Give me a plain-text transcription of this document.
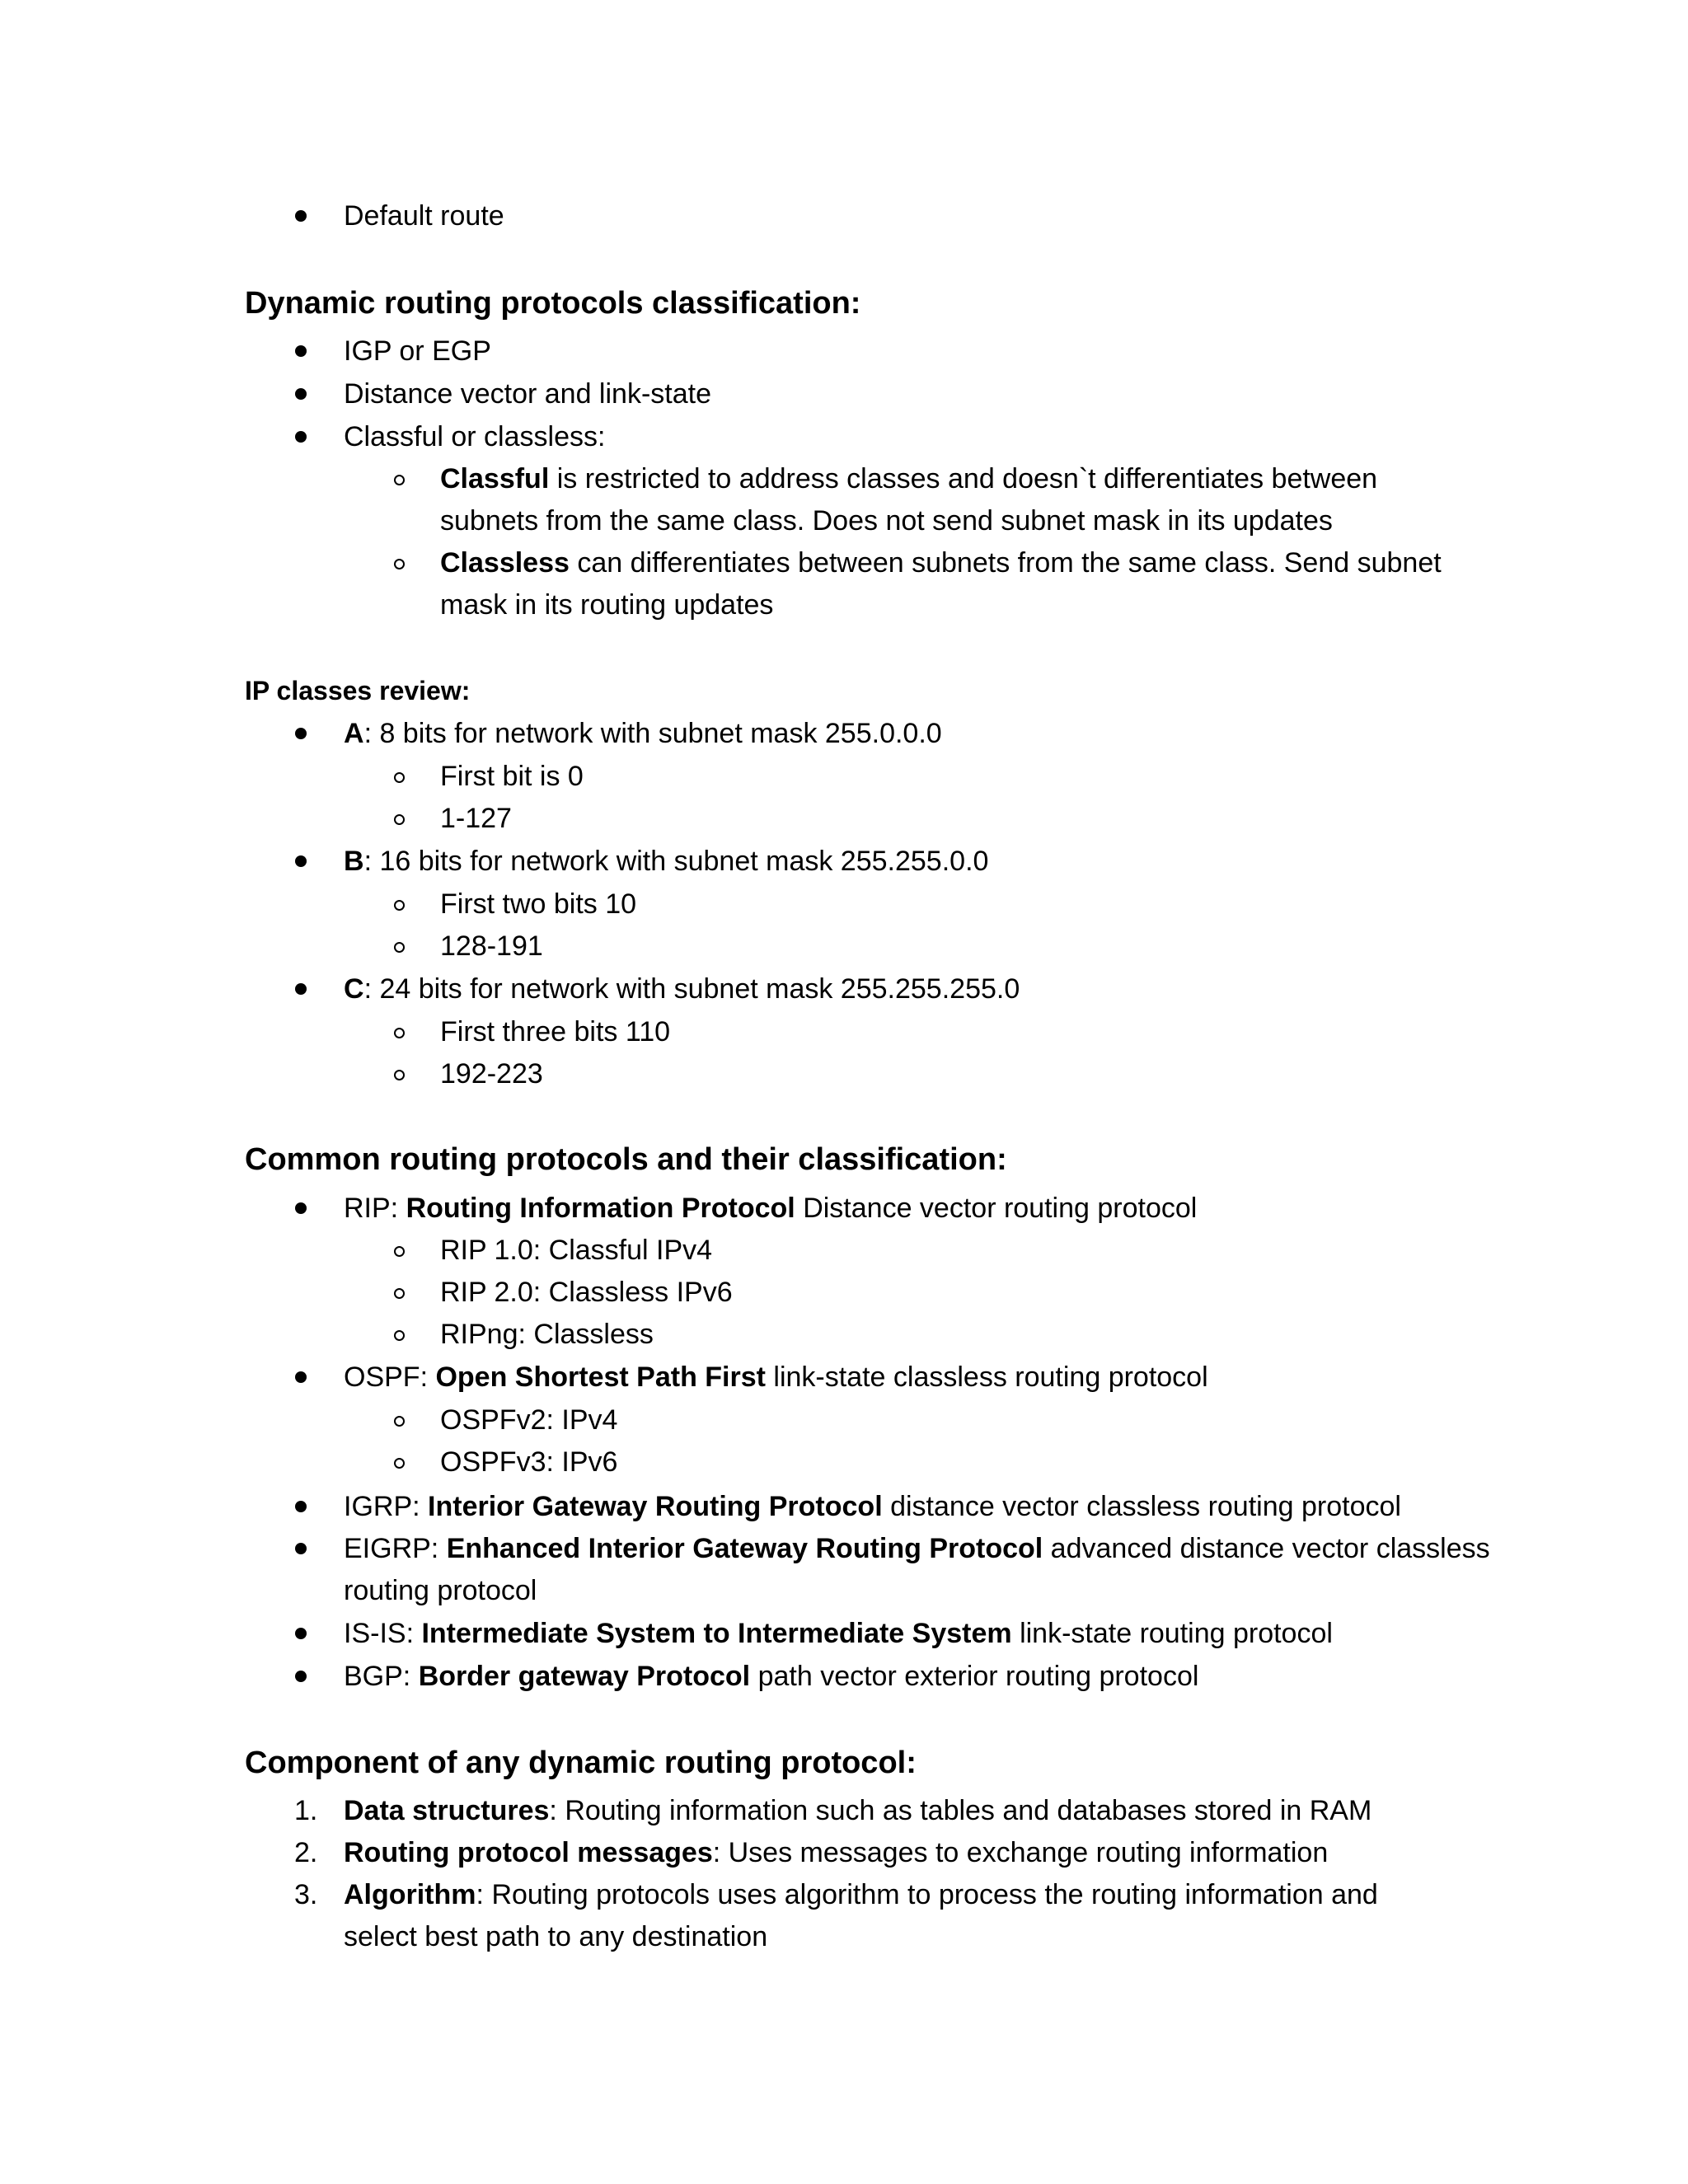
Default route
Dynamic routing protocols classification:
IGP or EGP
Distance vector and link-state
Classful or classless:
Classful is restricted to address classes and doesn`t differentiates between
subnets from the same class. Does not send subnet mask in its updates
Classless can differentiates between subnets from the same class. Send subnet
mask in its routing updates
IP classes review:
A: 8 bits for network with subnet mask 255.0.0.0
First bit is 0
1-127
B: 16 bits for network with subnet mask 255.255.0.0
First two bits 10
128-191
C: 24 bits for network with subnet mask 255.255.255.0
First three bits 110
192-223
Common routing protocols and their classification:
RIP: Routing Information Protocol Distance vector routing protocol
RIP 1.0: Classful IPv4
RIP 2.0: Classless IPv6
RIPng: Classless
OSPF: Open Shortest Path First link-state classless routing protocol
OSPFv2: IPv4
OSPFv3: IPv6
IGRP: Interior Gateway Routing Protocol distance vector classless routing protocol
EIGRP: Enhanced Interior Gateway Routing Protocol advanced distance vector classless
routing protocol
IS-IS: Intermediate System to Intermediate System link-state routing protocol
BGP: Border gateway Protocol path vector exterior routing protocol
Component of any dynamic routing protocol:
1. Data structures: Routing information such as tables and databases stored in RAM
2. Routing protocol messages: Uses messages to exchange routing information
3. Algorithm: Routing protocols uses algorithm to process the routing information and
select best path to any destination
